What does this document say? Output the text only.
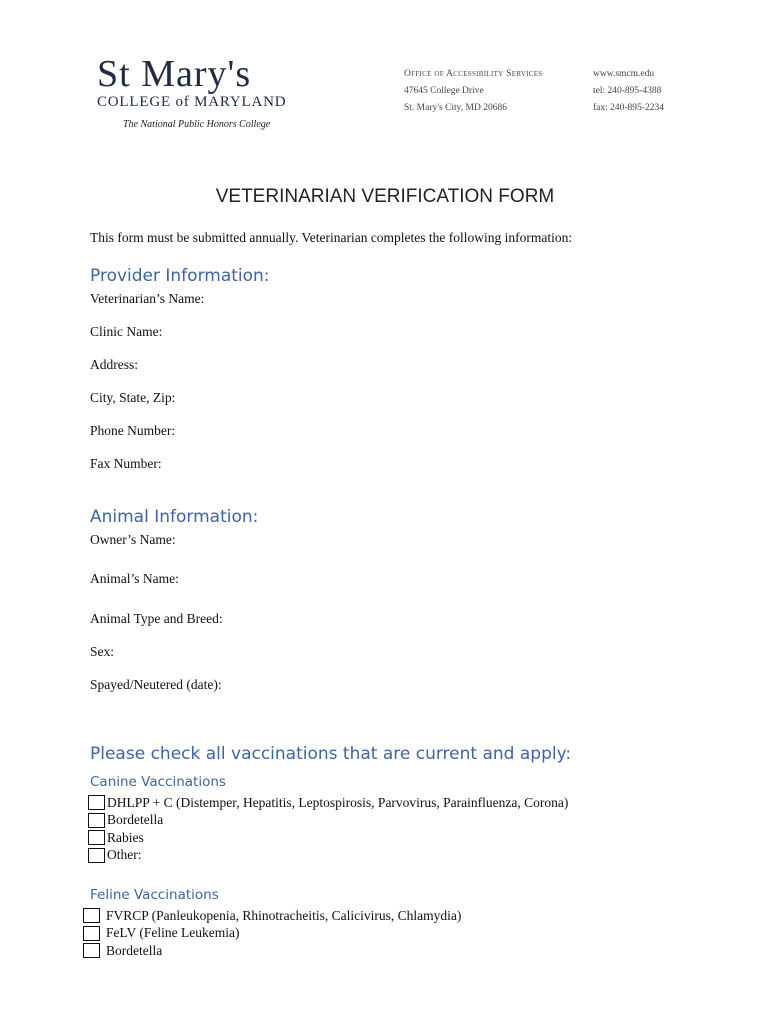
St Mary's
COLLEGE of MARYLAND
The National Public Honors College
Office of Accessibility Services
47645 College Drive
St. Mary's City, MD 20686
www.smcm.edu
tel: 240-895-4388
fax: 240-895-2234
VETERINARIAN VERIFICATION FORM
This form must be submitted annually. Veterinarian completes the following information:
Provider Information:
Veterinarian’s Name:
Clinic Name:
Address:
City, State, Zip:
Phone Number:
Fax Number:
Animal Information:
Owner’s Name:
Animal’s Name:
Animal Type and Breed:
Sex:
Spayed/Neutered (date):
Please check all vaccinations that are current and apply:
Canine Vaccinations
DHLPP + C (Distemper, Hepatitis, Leptospirosis, Parvovirus, Parainfluenza, Corona)
Bordetella
Rabies
Other:
Feline Vaccinations
FVRCP (Panleukopenia, Rhinotracheitis, Calicivirus, Chlamydia)
FeLV (Feline Leukemia)
Bordetella
